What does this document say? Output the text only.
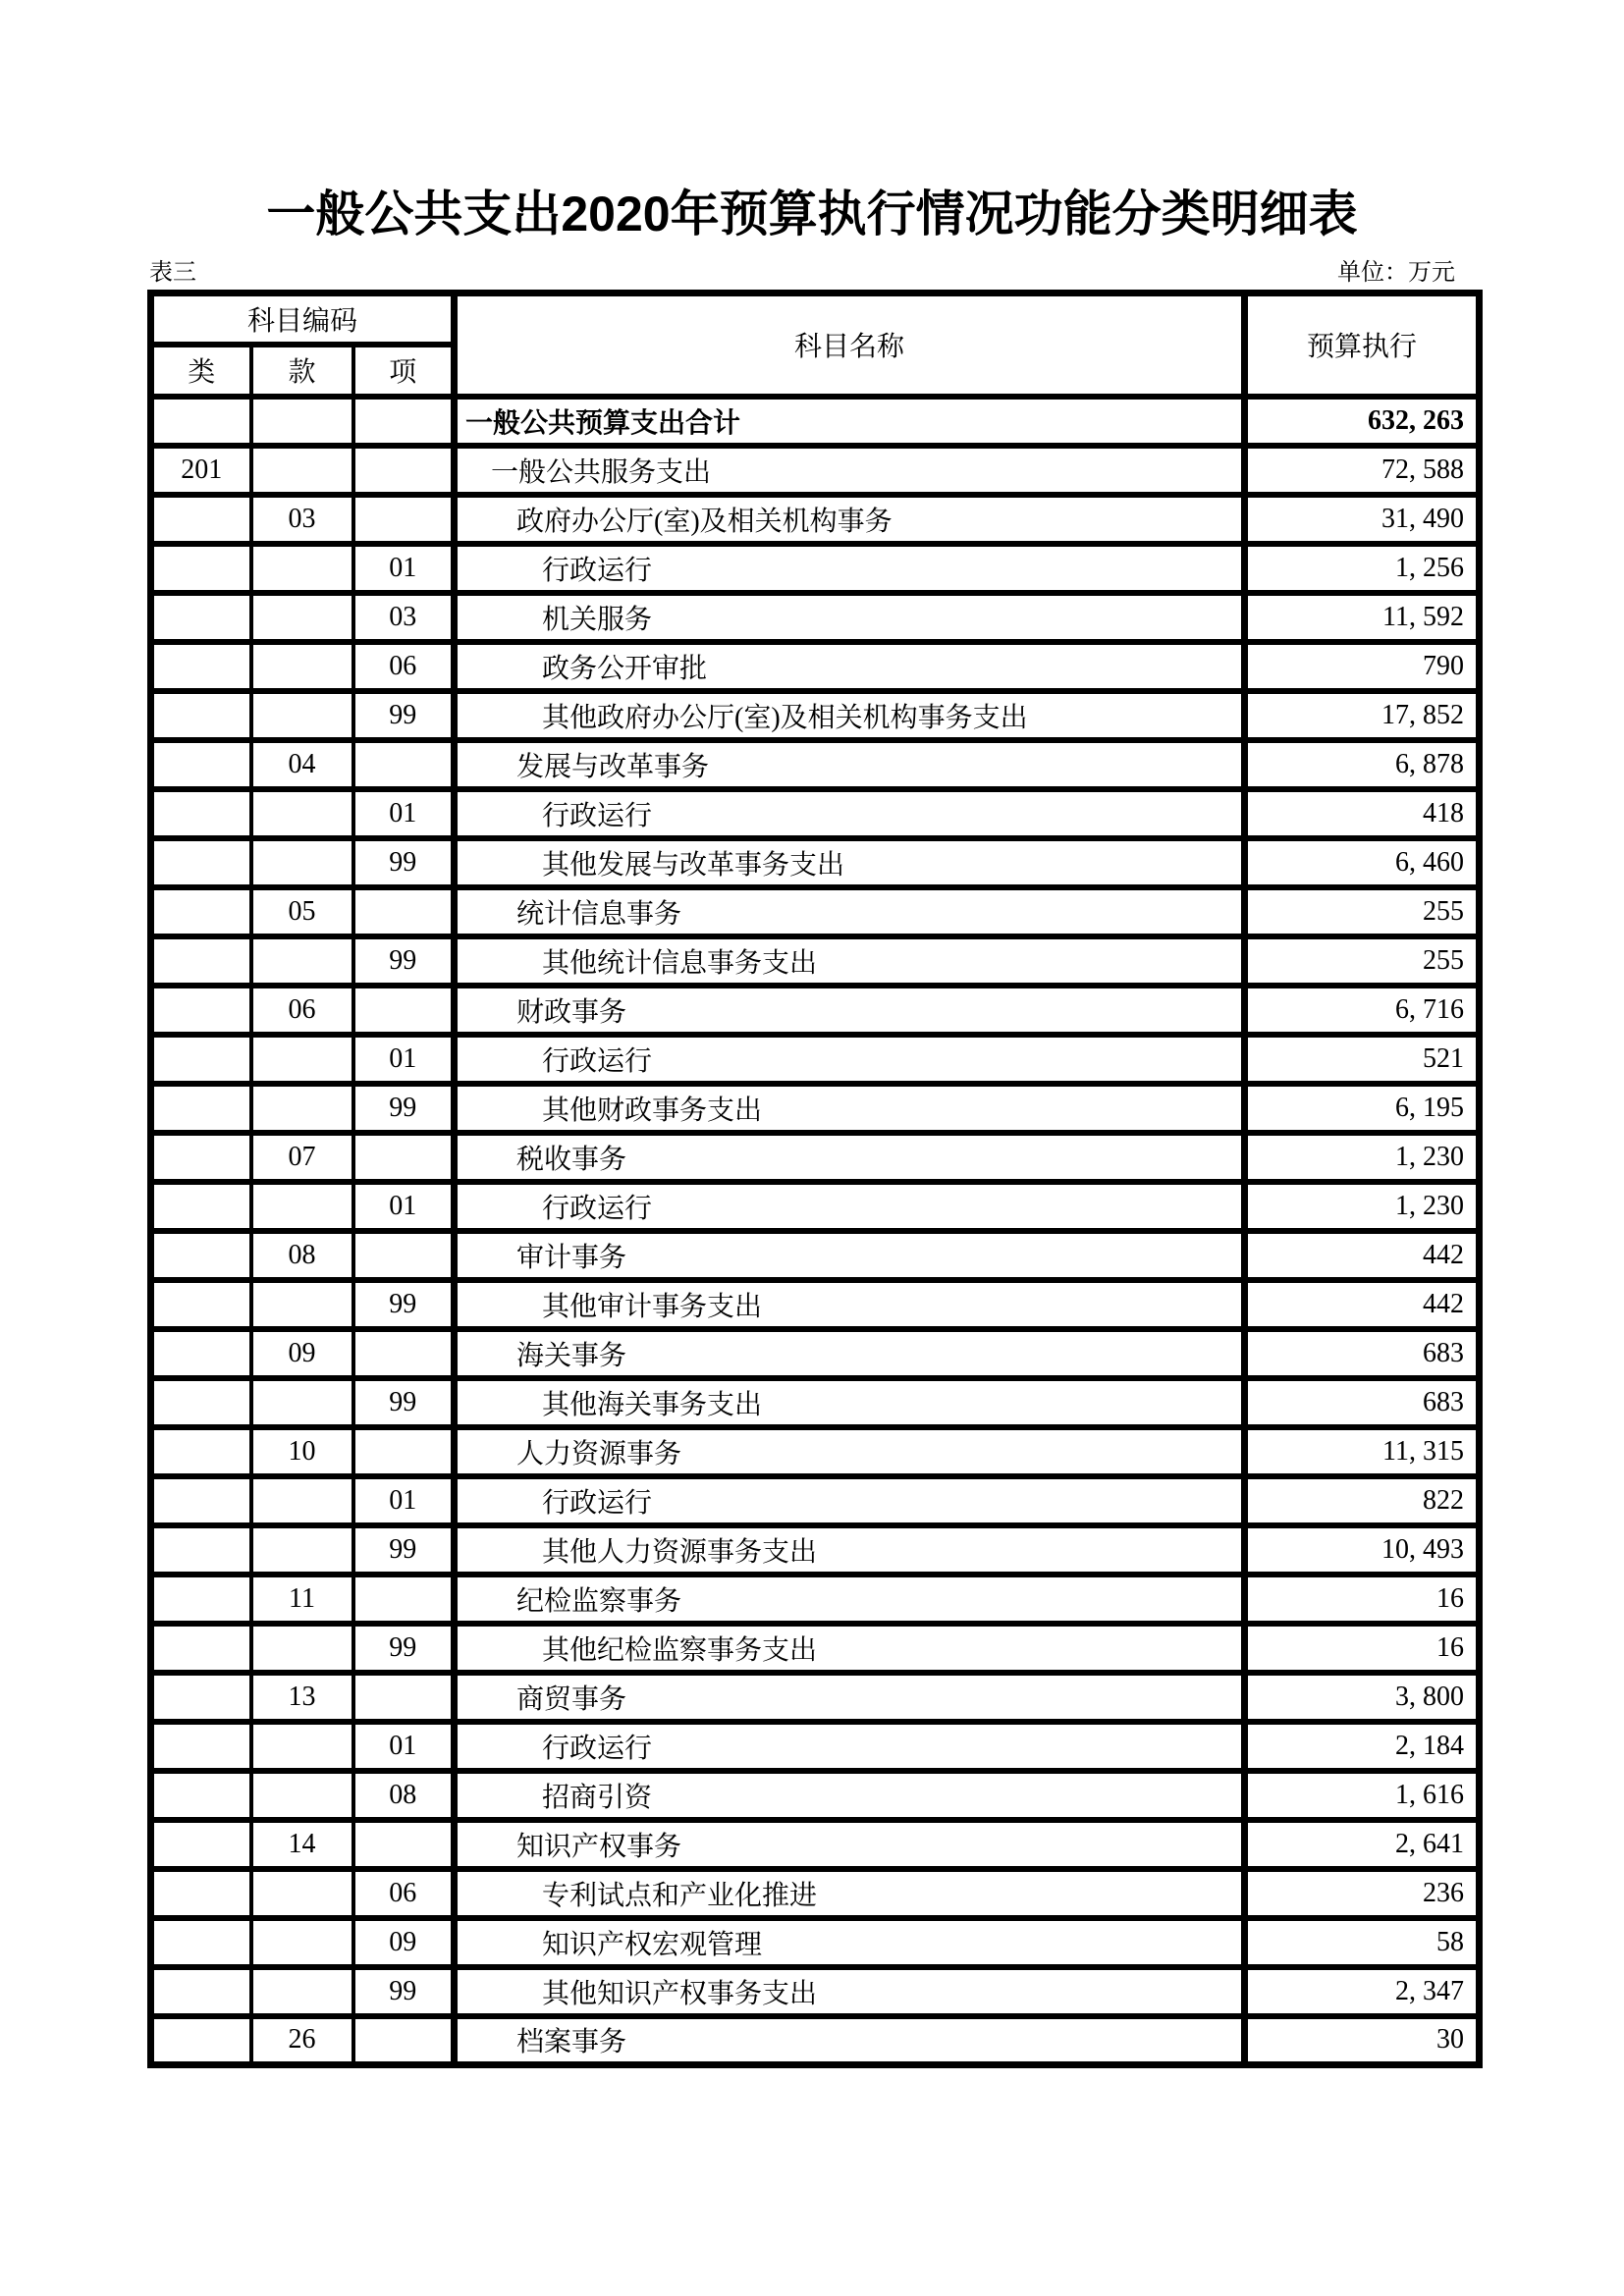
一般公共支出2020年预算执行情况功能分类明细表
表三	单位：万元
科目编码			科目名称	预算执行
类	款	项		
			一般公共预算支出合计	632, 263
201			一般公共服务支出	72, 588
	03		政府办公厅(室)及相关机构事务	31, 490
		01	行政运行	1, 256
		03	机关服务	11, 592
		06	政务公开审批	790
		99	其他政府办公厅(室)及相关机构事务支出	17, 852
	04		发展与改革事务	6, 878
		01	行政运行	418
		99	其他发展与改革事务支出	6, 460
	05		统计信息事务	255
		99	其他统计信息事务支出	255
	06		财政事务	6, 716
		01	行政运行	521
		99	其他财政事务支出	6, 195
	07		税收事务	1, 230
		01	行政运行	1, 230
	08		审计事务	442
		99	其他审计事务支出	442
	09		海关事务	683
		99	其他海关事务支出	683
	10		人力资源事务	11, 315
		01	行政运行	822
		99	其他人力资源事务支出	10, 493
	11		纪检监察事务	16
		99	其他纪检监察事务支出	16
	13		商贸事务	3, 800
		01	行政运行	2, 184
		08	招商引资	1, 616
	14		知识产权事务	2, 641
		06	专利试点和产业化推进	236
		09	知识产权宏观管理	58
		99	其他知识产权事务支出	2, 347
	26		档案事务	30
